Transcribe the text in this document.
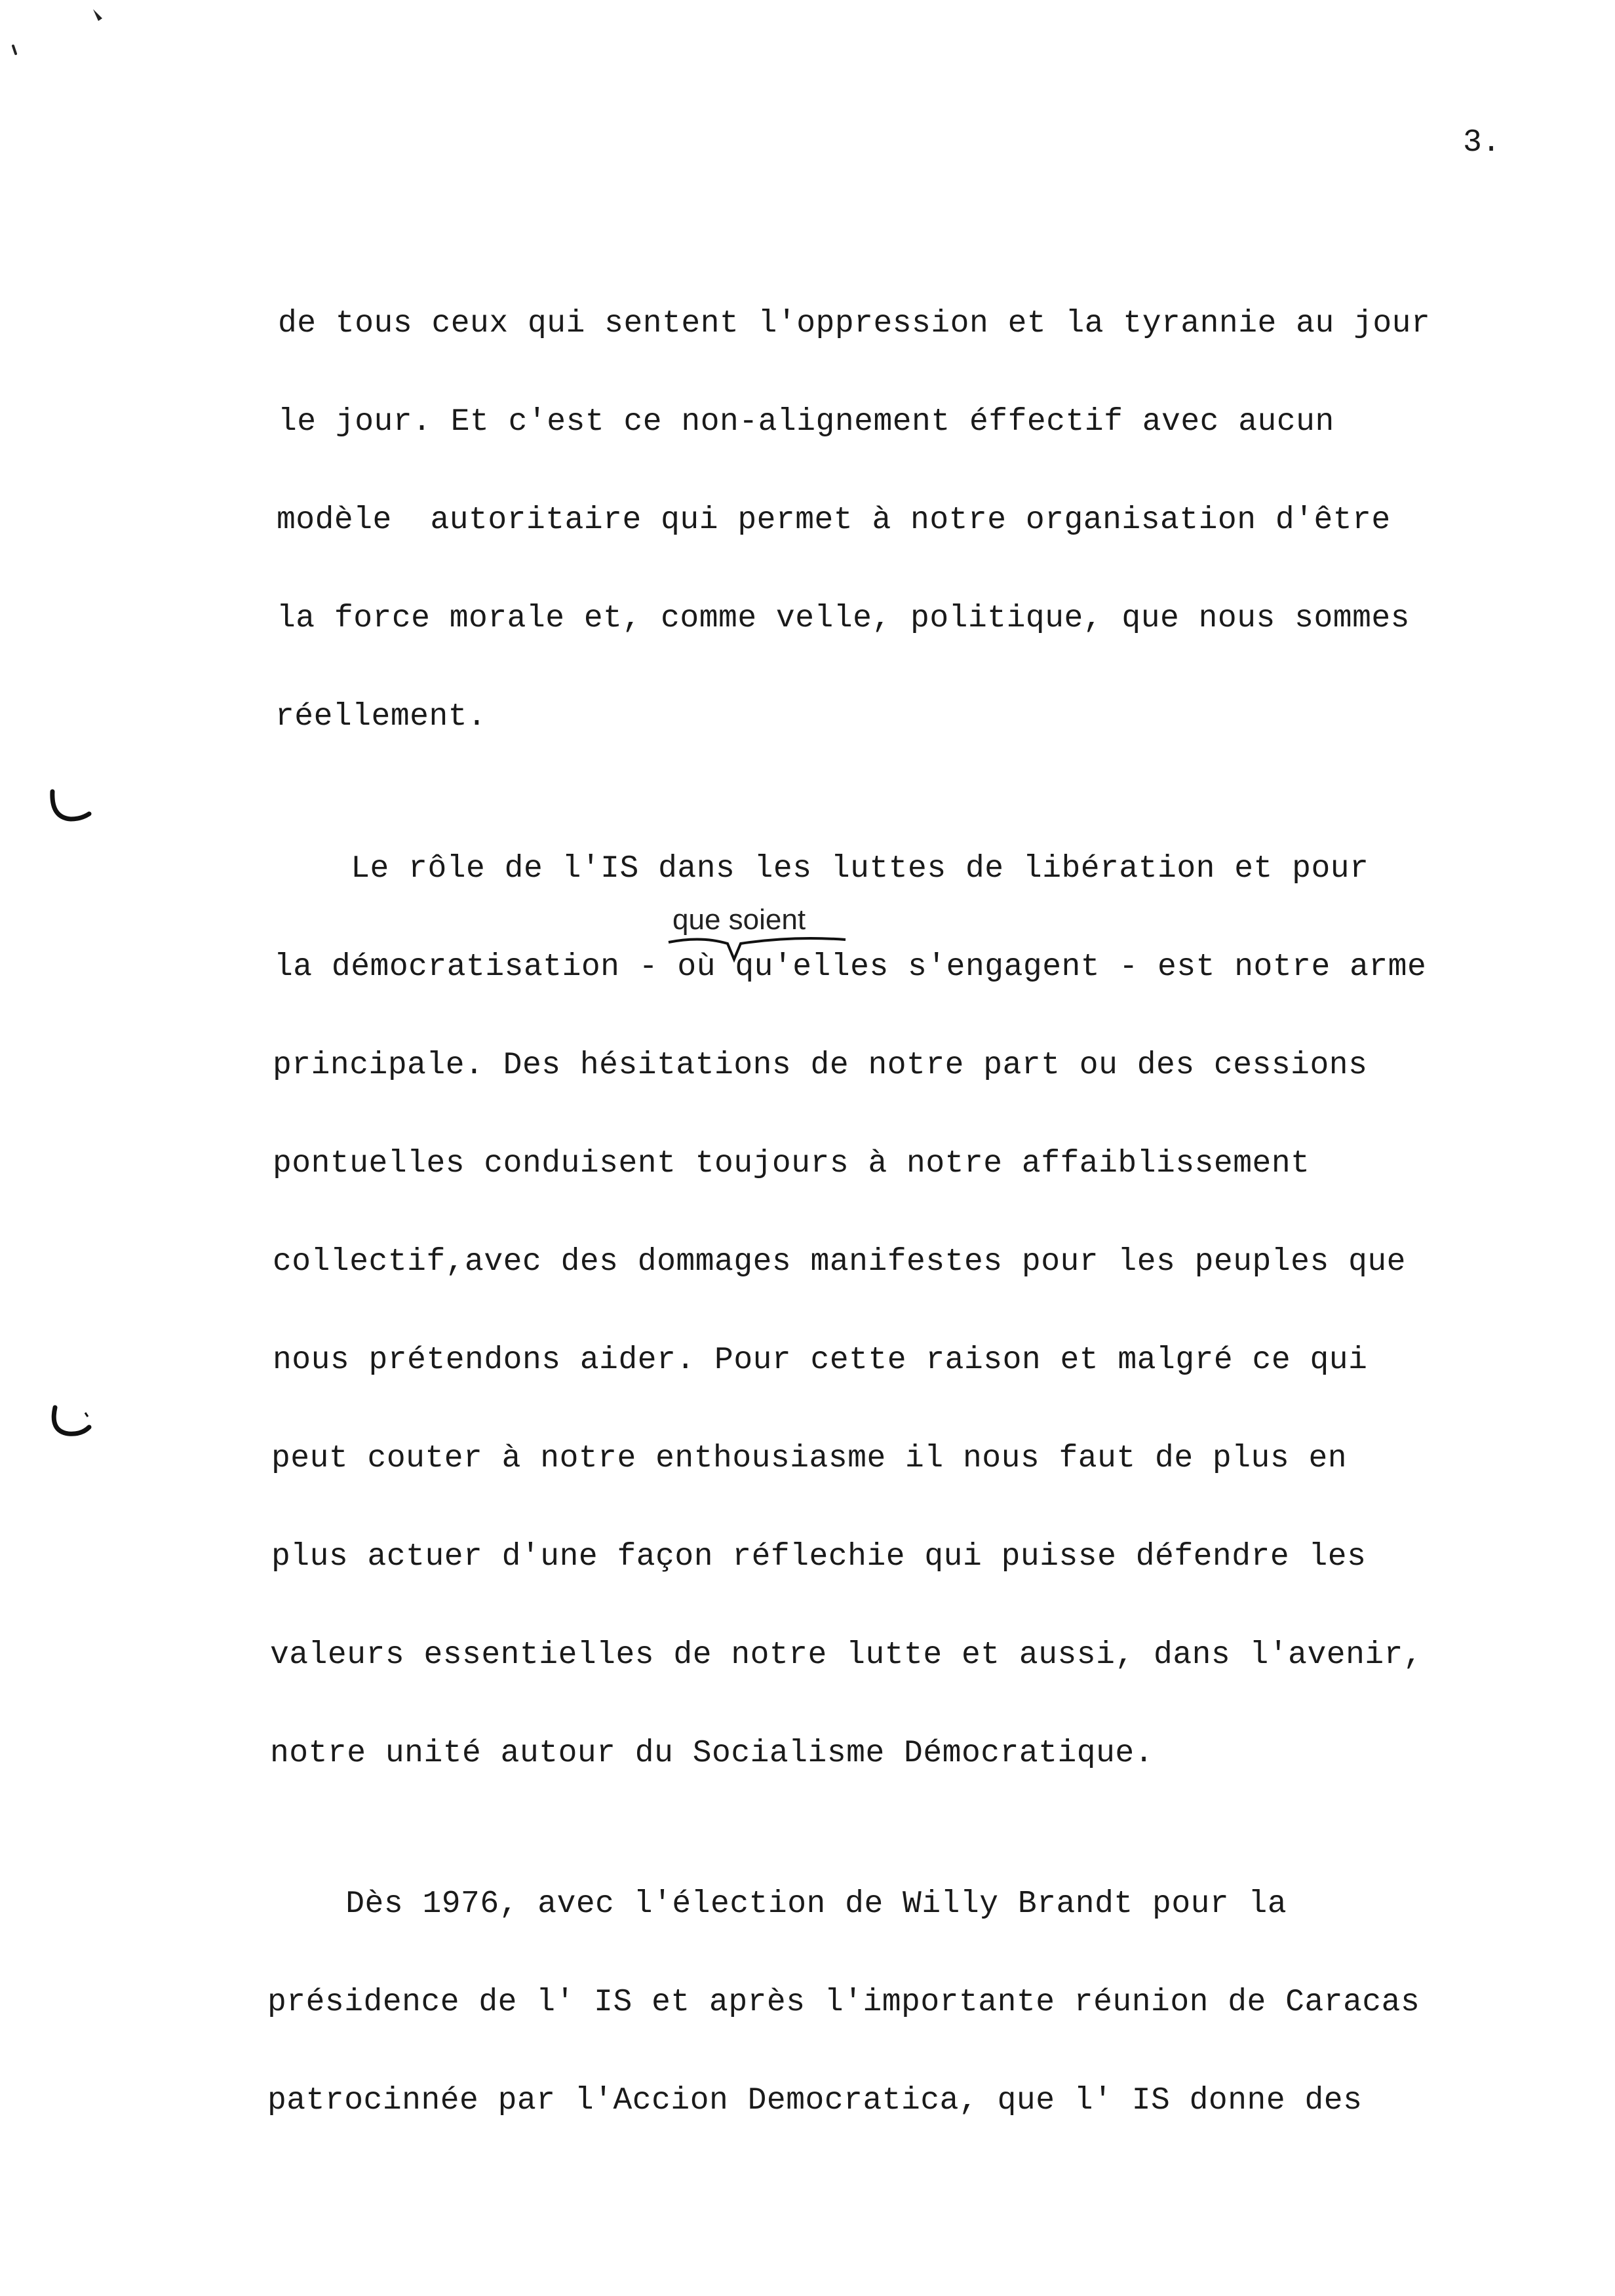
3.
de tous ceux qui sentent l'oppression et la tyrannie au jour
le jour. Et c'est ce non-alignement éffectif avec aucun
modèle  autoritaire qui permet à notre organisation d'être
la force morale et, comme velle, politique, que nous sommes
réellement.
Le rôle de l'IS dans les luttes de libération et pour
que soient
la démocratisation - où qu'elles s'engagent - est notre arme
principale. Des hésitations de notre part ou des cessions
pontuelles conduisent toujours à notre affaiblissement
collectif,avec des dommages manifestes pour les peuples que
nous prétendons aider. Pour cette raison et malgré ce qui
peut couter à notre enthousiasme il nous faut de plus en
plus actuer d'une façon réflechie qui puisse défendre les
valeurs essentielles de notre lutte et aussi, dans l'avenir,
notre unité autour du Socialisme Démocratique.
Dès 1976, avec l'élection de Willy Brandt pour la
présidence de l' IS et après l'importante réunion de Caracas
patrocinnée par l'Accion Democratica, que l' IS donne des
